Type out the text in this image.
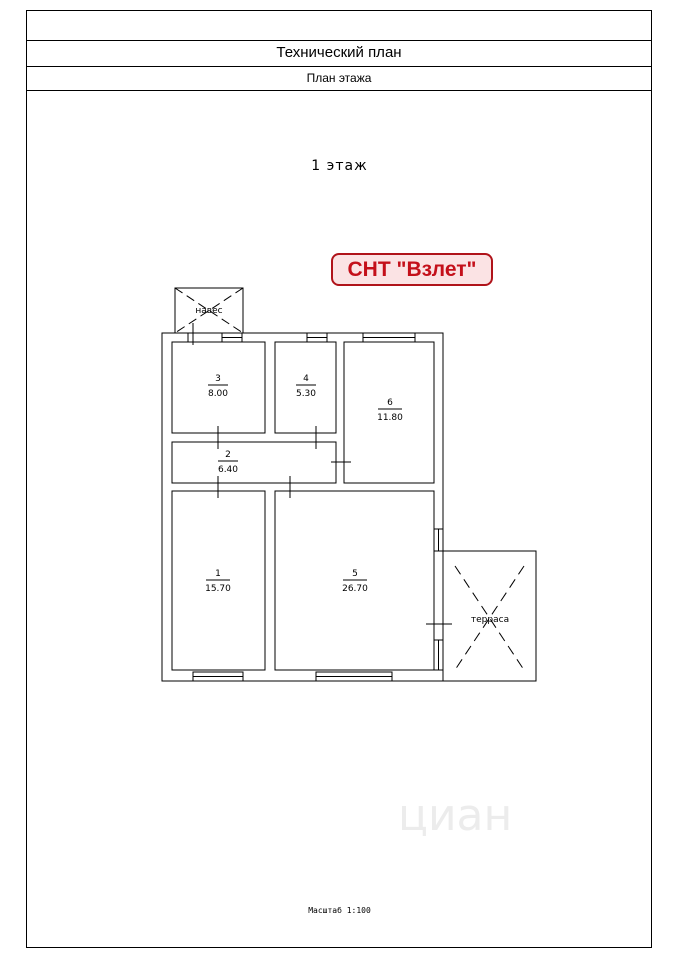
Технический план
План этажа
1 этаж
циан
3
8.00
4
5.30
6
11.80
2
6.40
1
15.70
5
26.70
навес
терраса
СНТ "Взлет"
Масштаб 1:100
